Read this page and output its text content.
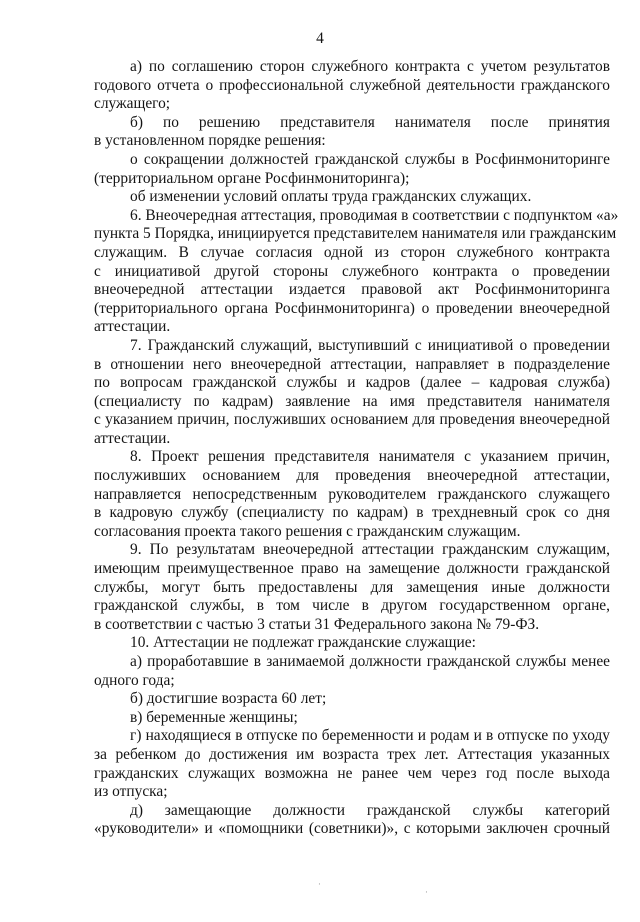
4
а) по соглашению сторон служебного контракта с учетом результатов
годового отчета о профессиональной служебной деятельности гражданского
служащего;
б) по решению представителя нанимателя после принятия
в установленном порядке решения:
о сокращении должностей гражданской службы в Росфинмониторинге
(территориальном органе Росфинмониторинга);
об изменении условий оплаты труда гражданских служащих.
6. Внеочередная аттестация, проводимая в соответствии с подпунктом «а»
пункта 5 Порядка, инициируется представителем нанимателя или гражданским
служащим. В случае согласия одной из сторон служебного контракта
с инициативой другой стороны служебного контракта о проведении
внеочередной аттестации издается правовой акт Росфинмониторинга
(территориального органа Росфинмониторинга) о проведении внеочередной
аттестации.
7. Гражданский служащий, выступивший с инициативой о проведении
в отношении него внеочередной аттестации, направляет в подразделение
по вопросам гражданской службы и кадров (далее – кадровая служба)
(специалисту по кадрам) заявление на имя представителя нанимателя
с указанием причин, послуживших основанием для проведения внеочередной
аттестации.
8. Проект решения представителя нанимателя с указанием причин,
послуживших основанием для проведения внеочередной аттестации,
направляется непосредственным руководителем гражданского служащего
в кадровую службу (специалисту по кадрам) в трехдневный срок со дня
согласования проекта такого решения с гражданским служащим.
9. По результатам внеочередной аттестации гражданским служащим,
имеющим преимущественное право на замещение должности гражданской
службы, могут быть предоставлены для замещения иные должности
гражданской службы, в том числе в другом государственном органе,
в соответствии с частью 3 статьи 31 Федерального закона № 79-ФЗ.
10. Аттестации не подлежат гражданские служащие:
а) проработавшие в занимаемой должности гражданской службы менее
одного года;
б) достигшие возраста 60 лет;
в) беременные женщины;
г) находящиеся в отпуске по беременности и родам и в отпуске по уходу
за ребенком до достижения им возраста трех лет. Аттестация указанных
гражданских служащих возможна не ранее чем через год после выхода
из отпуска;
д) замещающие должности гражданской службы категорий
«руководители» и «помощники (советники)», с которыми заключен срочный
·
·
